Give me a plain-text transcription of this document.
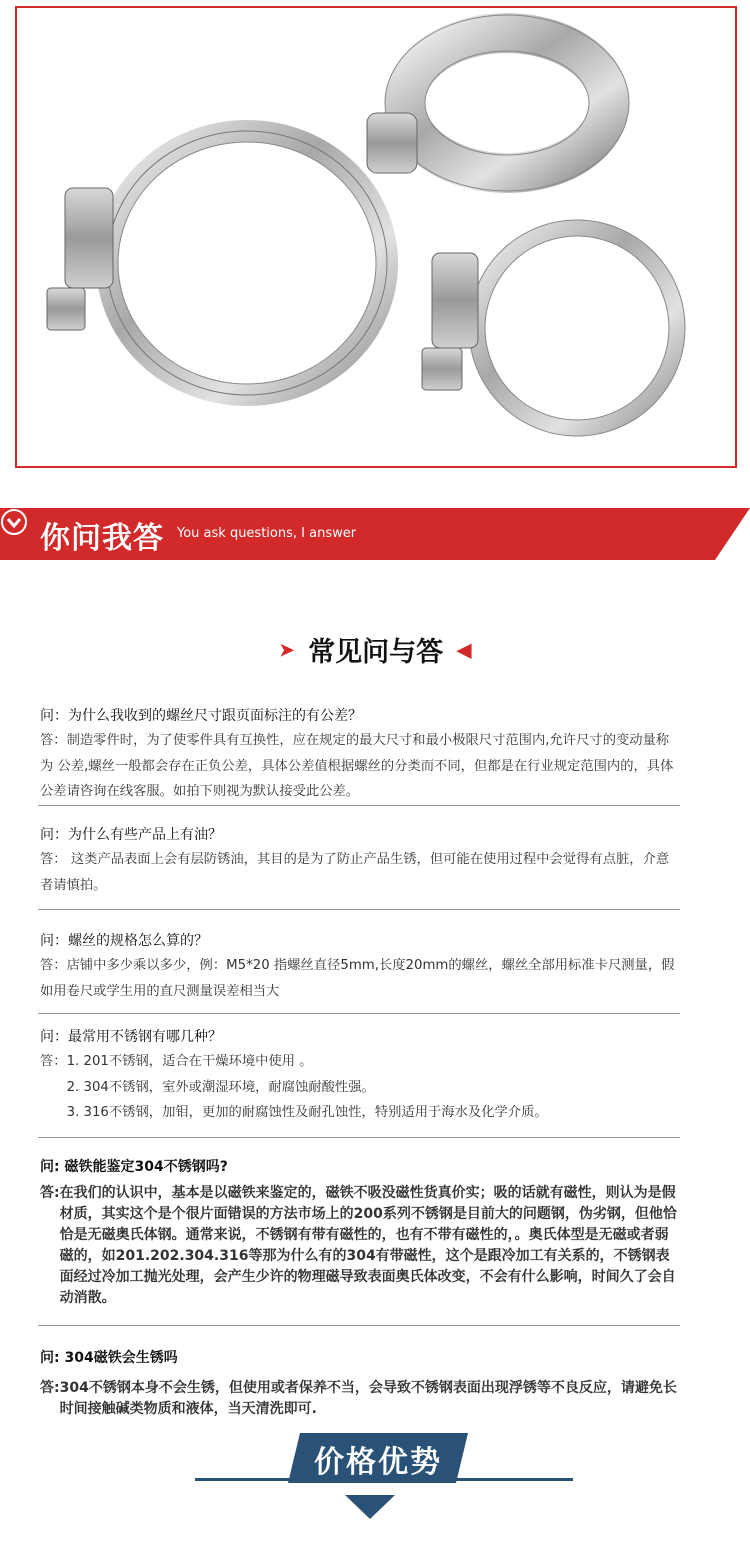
你问我答 You ask questions, I answer
➤ 常见问与答 ◀
问：为什么我收到的螺丝尺寸跟页面标注的有公差？
答：制造零件时，为了使零件具有互换性，应在规定的最大尺寸和最小极限尺寸范围内,允许尺寸的变动量称为 公差,螺丝一般都会存在正负公差，具体公差值根据螺丝的分类而不同，但都是在行业规定范围内的，具体公差请咨询在线客服。如拍下则视为默认接受此公差。
问：为什么有些产品上有油？
答： 这类产品表面上会有层防锈油，其目的是为了防止产品生锈，但可能在使用过程中会觉得有点脏，介意者请慎拍。
问：螺丝的规格怎么算的？
答：店铺中多少乘以多少，例：M5*20 指螺丝直径5mm,长度20mm的螺丝，螺丝全部用标准卡尺测量，假如用卷尺或学生用的直尺测量误差相当大
问：最常用不锈钢有哪几种？
答： 1. 201不锈钢，适合在干燥环境中使用 。
2. 304不锈钢，室外或潮湿环境，耐腐蚀耐酸性强。
3. 316不锈钢，加钼，更加的耐腐蚀性及耐孔蚀性，特别适用于海水及化学介质。
问: 磁铁能鉴定304不锈钢吗?
答: 在我们的认识中，基本是以磁铁来鉴定的，磁铁不吸没磁性货真价实；吸的话就有磁性，则认为是假材质，其实这个是个很片面错误的方法市场上的200系列不锈钢是目前大的问题钢，伪劣钢，但他恰恰是无磁奥氏体钢。通常来说，不锈钢有带有磁性的，也有不带有磁性的，。奥氏体型是无磁或者弱磁的，如201.202.304.316等那为什么有的304有带磁性，这个是跟冷加工有关系的，不锈钢表面经过冷加工抛光处理，会产生少许的物理磁导致表面奥氏体改变，不会有什么影响，时间久了会自动消散。
问: 304磁铁会生锈吗
答: 304不锈钢本身不会生锈，但使用或者保养不当，会导致不锈钢表面出现浮锈等不良反应，请避免长时间接触碱类物质和液体，当天清洗即可.
价格优势
